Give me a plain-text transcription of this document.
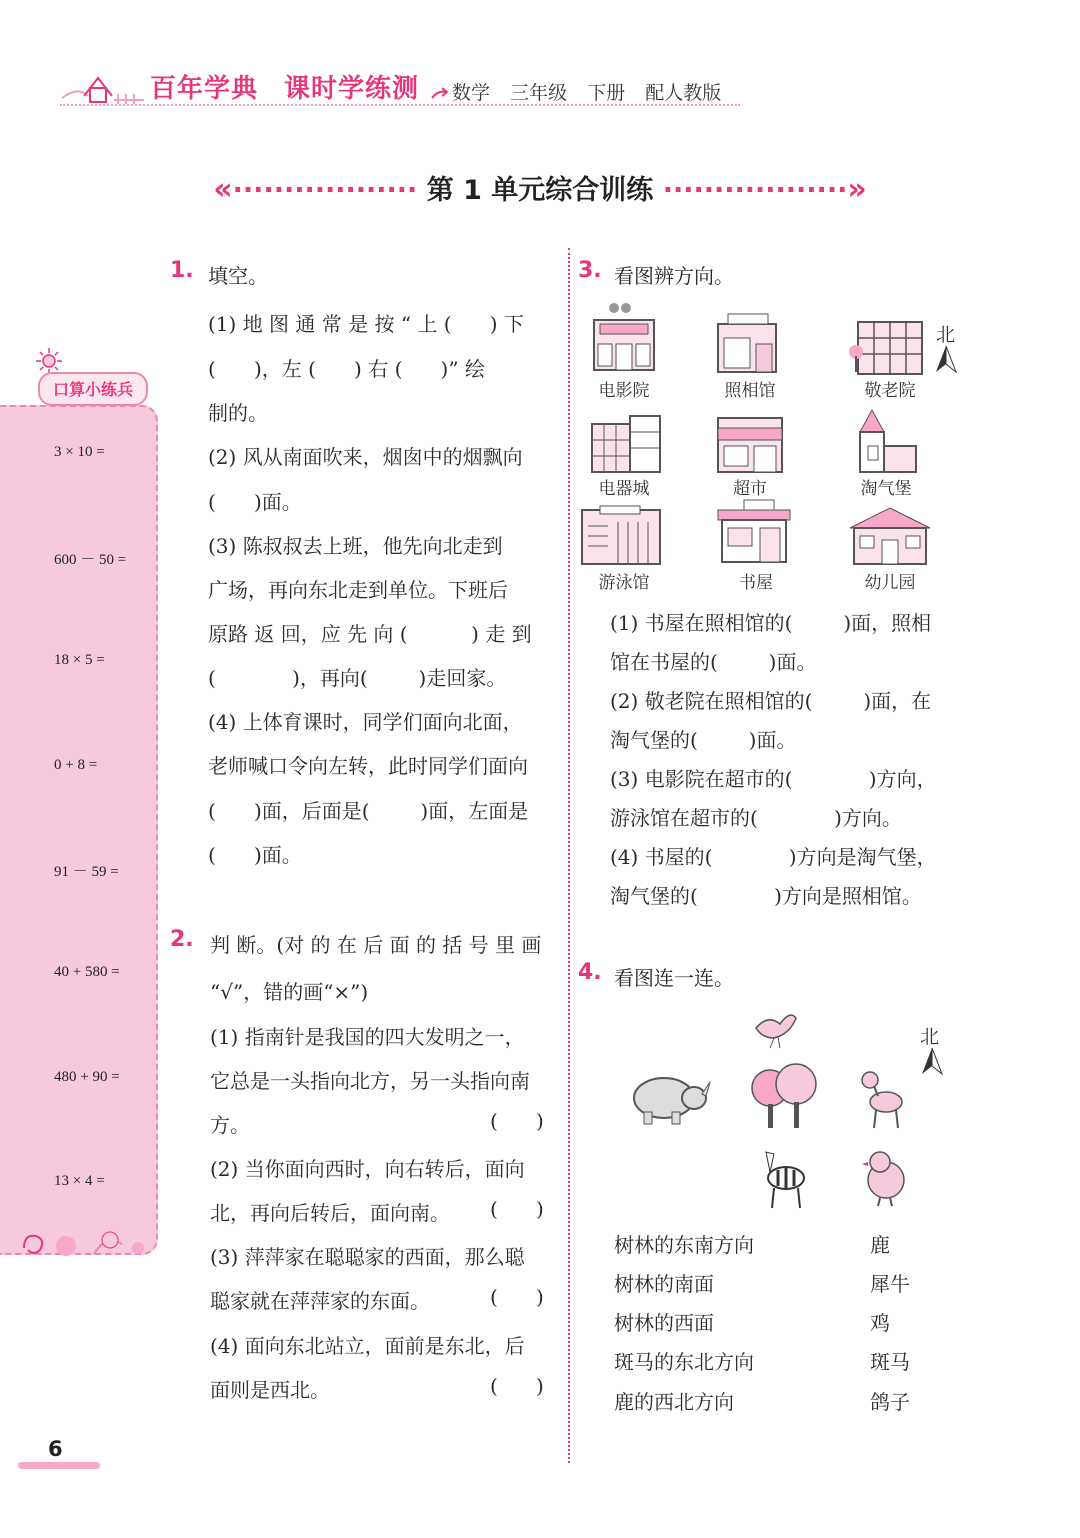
百年学典 课时学练测 数学 三年级 下册 配人教版
«·················· 第 1 单元综合训练 ··················»
口算小练兵
3 × 10 =
600 － 50 =
18 × 5 =
0 + 8 =
91 － 59 =
40 + 580 =
480 + 90 =
13 × 4 =
1. 填空。
(1) 地 图 通 常 是 按 “ 上 (      ) 下
(      )，左 (      ) 右 (      )” 绘
制的。
(2) 风从南面吹来，烟囱中的烟飘向
(      )面。
(3) 陈叔叔去上班，他先向北走到
广场，再向东北走到单位。下班后
原路 返 回，应 先 向 (          ) 走 到
(            )，再向(        )走回家。
(4) 上体育课时，同学们面向北面，
老师喊口令向左转，此时同学们面向
(      )面，后面是(        )面，左面是
(      )面。
2. 判 断。(对 的 在 后 面 的 括 号 里 画
“√”，错的画“×”)
(1) 指南针是我国的四大发明之一，
它总是一头指向北方，另一头指向南
方。	(      )
(2) 当你面向西时，向右转后，面向
北，再向后转后，面向南。 (      )
(3) 萍萍家在聪聪家的西面，那么聪
聪家就在萍萍家的东面。	(      )
(4) 面向东北站立，面前是东北，后
面则是西北。	(      )
3. 看图辨方向。
电影院	照相馆	敬老院
北
电器城	超市	淘气堡
游泳馆	书屋	幼儿园
(1) 书屋在照相馆的(        )面，照相
馆在书屋的(        )面。
(2) 敬老院在照相馆的(        )面，在
淘气堡的(        )面。
(3) 电影院在超市的(            )方向，
游泳馆在超市的(            )方向。
(4) 书屋的(            )方向是淘气堡，
淘气堡的(            )方向是照相馆。
4. 看图连一连。
北
树林的东南方向
树林的南面
树林的西面
斑马的东北方向
鹿的西北方向
鹿
犀牛
鸡
斑马
鸽子
6
